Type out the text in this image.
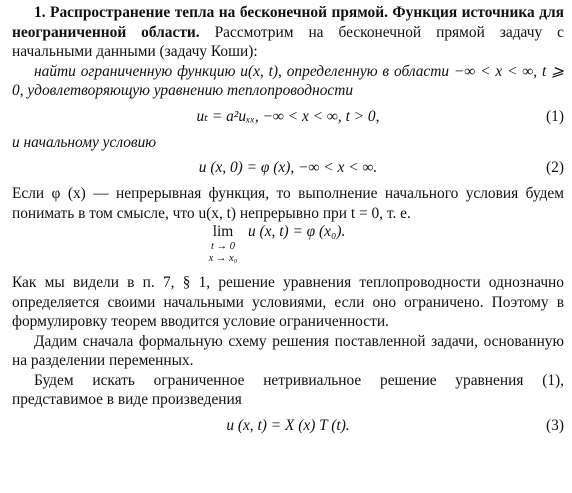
1. Распространение тепла на бесконечной прямой. Функция источника для неограниченной области. Рассмотрим на бесконечной прямой задачу с начальными данными (задачу Коши):

найти ограниченную функцию u(x, t), определенную в области −∞ < x < ∞, t ⩾ 0, удовлетворяющую уравнению теплопроводности

uₜ = a²uₓₓ, −∞ < x < ∞, t > 0,	(1)

и начальному условию

u (x, 0) = φ (x), −∞ < x < ∞.	(2)

Если φ (x) — непрерывная функция, то выполнение начального условия будем понимать в том смысле, что u(x, t) непрерывно при t = 0, т. е.

lim
t → 0
x → x₀
u (x, t) = φ (x₀).

Как мы видели в п. 7, § 1, решение уравнения теплопроводности однозначно определяется своими начальными условиями, если оно ограничено. Поэтому в формулировку теорем вводится условие ограниченности.

Дадим сначала формальную схему решения поставленной задачи, основанную на разделении переменных.

Будем искать ограниченное нетривиальное решение уравнения (1), представимое в виде произведения

u (x, t) = X (x) T (t).	(3)
